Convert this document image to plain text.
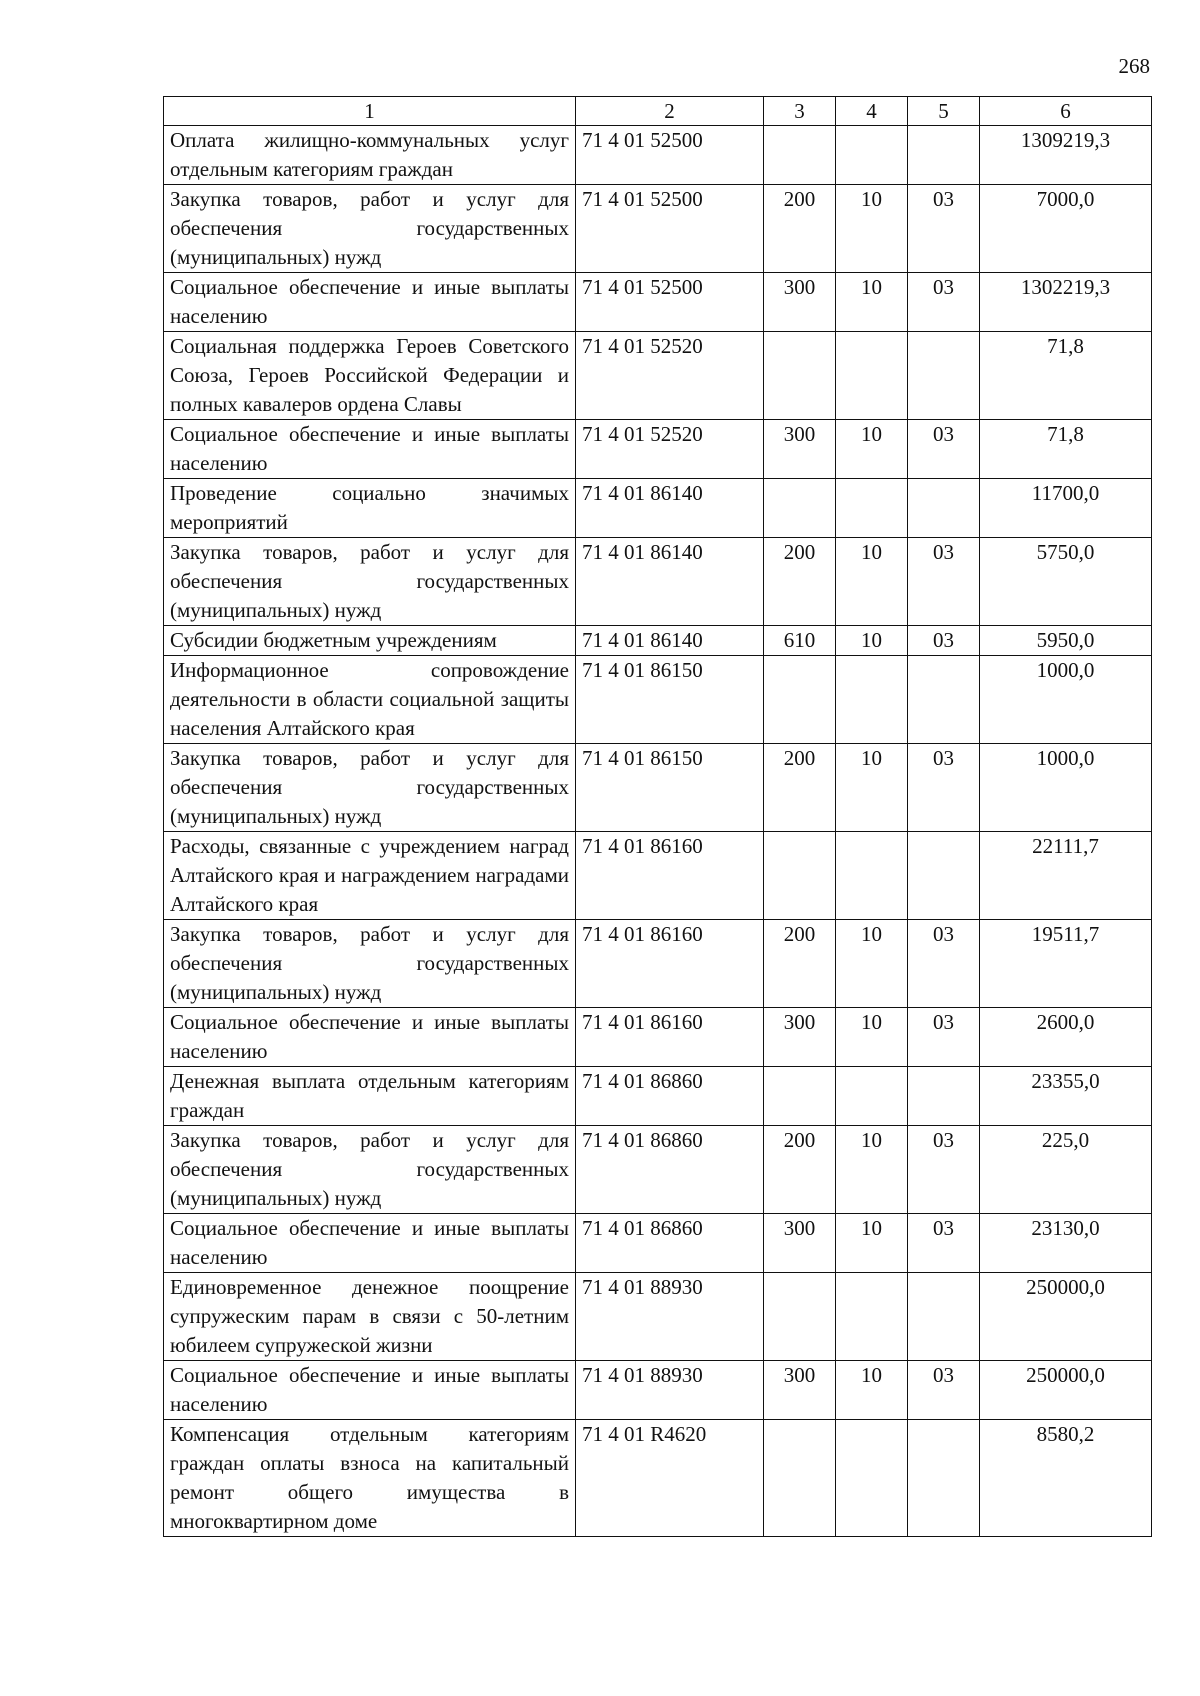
268
1	2	3	4	5	6
Оплата жилищно-коммунальных услуг отдельным категориям граждан	71 4 01 52500				1309219,3
Закупка товаров, работ и услуг для обеспечения государственных (муниципальных) нужд	71 4 01 52500	200	10	03	7000,0
Социальное обеспечение и иные выплаты населению	71 4 01 52500	300	10	03	1302219,3
Социальная поддержка Героев Советского Союза, Героев Российской Федерации и полных кавалеров ордена Славы	71 4 01 52520				71,8
Социальное обеспечение и иные выплаты населению	71 4 01 52520	300	10	03	71,8
Проведение социально значимых мероприятий	71 4 01 86140				11700,0
Закупка товаров, работ и услуг для обеспечения государственных (муниципальных) нужд	71 4 01 86140	200	10	03	5750,0
Субсидии бюджетным учреждениям	71 4 01 86140	610	10	03	5950,0
Информационное сопровождение деятельности в области социальной защиты населения Алтайского края	71 4 01 86150				1000,0
Закупка товаров, работ и услуг для обеспечения государственных (муниципальных) нужд	71 4 01 86150	200	10	03	1000,0
Расходы, связанные с учреждением наград Алтайского края и награждением наградами Алтайского края	71 4 01 86160				22111,7
Закупка товаров, работ и услуг для обеспечения государственных (муниципальных) нужд	71 4 01 86160	200	10	03	19511,7
Социальное обеспечение и иные выплаты населению	71 4 01 86160	300	10	03	2600,0
Денежная выплата отдельным категориям граждан	71 4 01 86860				23355,0
Закупка товаров, работ и услуг для обеспечения государственных (муниципальных) нужд	71 4 01 86860	200	10	03	225,0
Социальное обеспечение и иные выплаты населению	71 4 01 86860	300	10	03	23130,0
Единовременное денежное поощрение супружеским парам в связи с 50-летним юбилеем супружеской жизни	71 4 01 88930				250000,0
Социальное обеспечение и иные выплаты населению	71 4 01 88930	300	10	03	250000,0
Компенсация отдельным категориям граждан оплаты взноса на капитальный ремонт общего имущества в многоквартирном доме	71 4 01 R4620				8580,2
